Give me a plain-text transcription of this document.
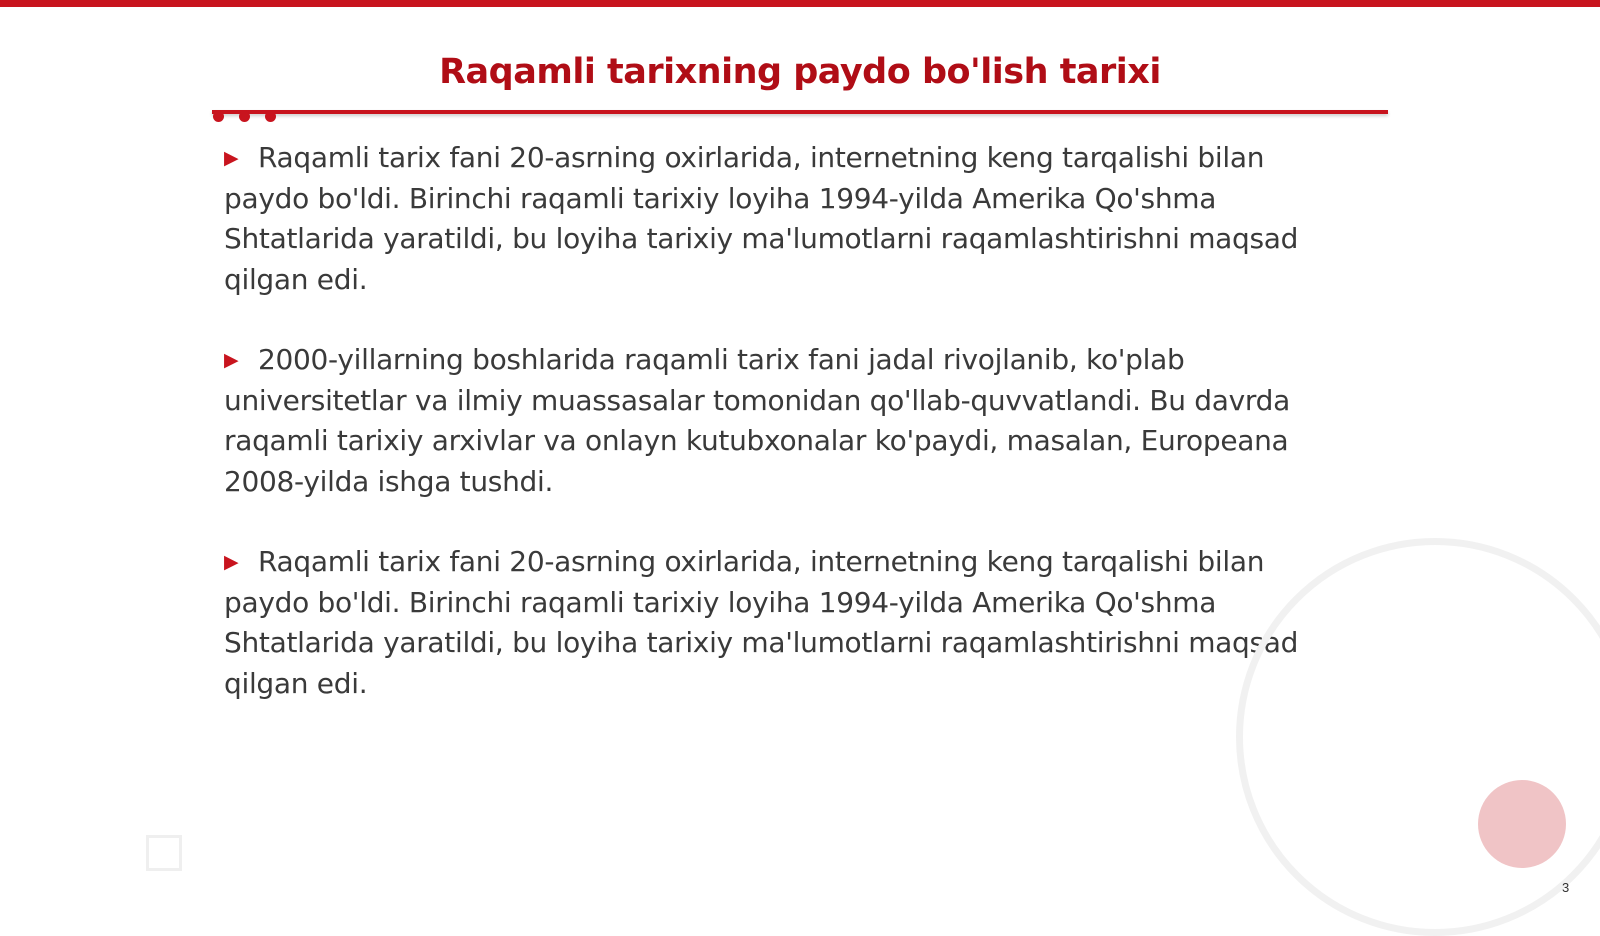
Raqamli tarixning paydo bo'lish tarixi

▶ Raqamli tarix fani 20-asrning oxirlarida, internetning keng tarqalishi bilan paydo bo'ldi. Birinchi raqamli tarixiy loyiha 1994-yilda Amerika Qo'shma Shtatlarida yaratildi, bu loyiha tarixiy ma'lumotlarni raqamlashtirishni maqsad qilgan edi.

▶ 2000-yillarning boshlarida raqamli tarix fani jadal rivojlanib, ko'plab universitetlar va ilmiy muassasalar tomonidan qo'llab-quvvatlandi. Bu davrda raqamli tarixiy arxivlar va onlayn kutubxonalar ko'paydi, masalan, Europeana 2008-yilda ishga tushdi.

▶ Raqamli tarix fani 20-asrning oxirlarida, internetning keng tarqalishi bilan paydo bo'ldi. Birinchi raqamli tarixiy loyiha 1994-yilda Amerika Qo'shma Shtatlarida yaratildi, bu loyiha tarixiy ma'lumotlarni raqamlashtirishni maqsad qilgan edi.

3
